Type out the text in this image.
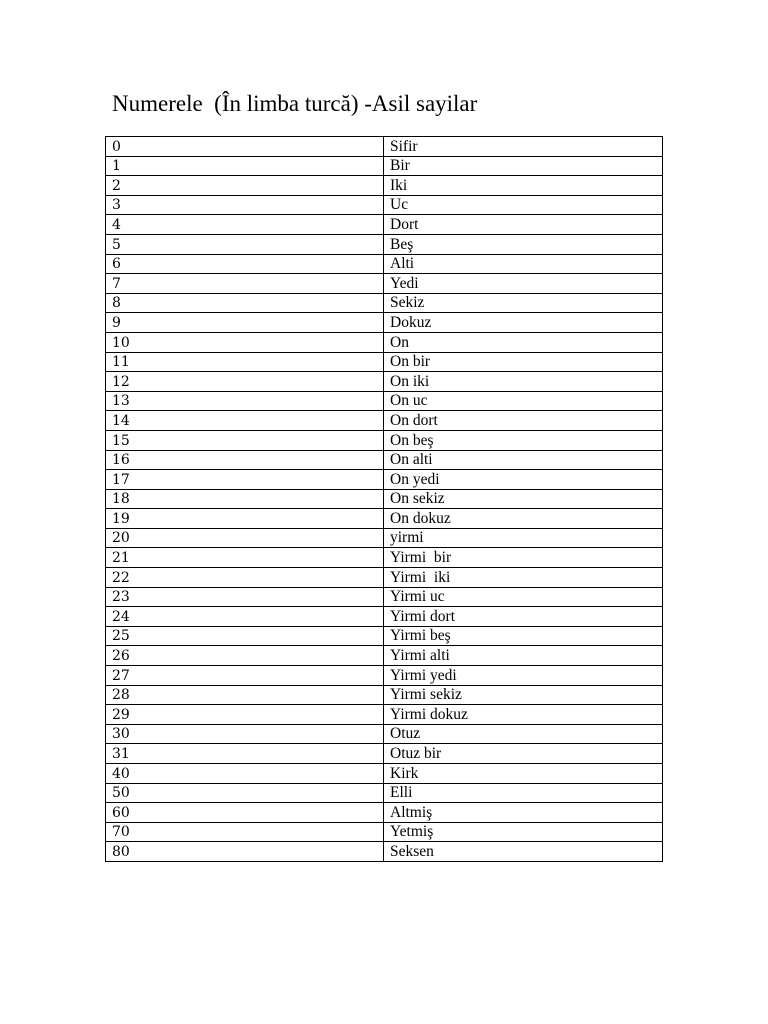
Numerele  (În limba turcă) -Asil sayilar
0	Sifir
1	Bir
2	Iki
3	Uc
4	Dort
5	Beş
6	Alti
7	Yedi
8	Sekiz
9	Dokuz
10	On
11	On bir
12	On iki
13	On uc
14	On dort
15	On beş
16	On alti
17	On yedi
18	On sekiz
19	On dokuz
20	yirmi
21	Yirmi  bir
22	Yirmi  iki
23	Yirmi uc
24	Yirmi dort
25	Yirmi beş
26	Yirmi alti
27	Yirmi yedi
28	Yirmi sekiz
29	Yirmi dokuz
30	Otuz
31	Otuz bir
40	Kirk
50	Elli
60	Altmiş
70	Yetmiş
80	Seksen
